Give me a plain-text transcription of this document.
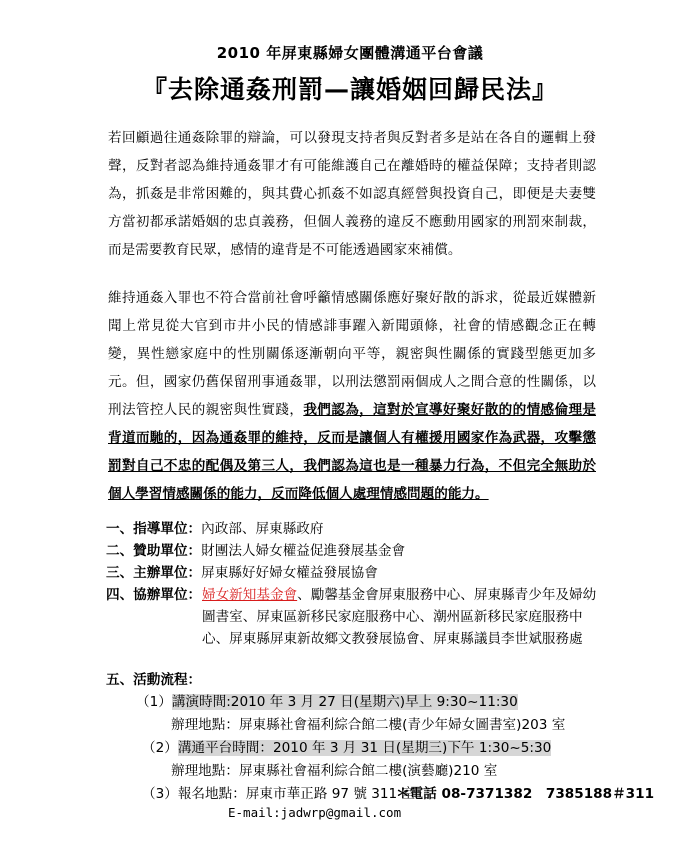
2010 年屏東縣婦女團體溝通平台會議
『去除通姦刑罰—讓婚姻回歸民法』
若回顧過往通姦除罪的辯論，可以發現支持者與反對者多是站在各自的邏輯上發聲，反對者認為維持通姦罪才有可能維護自己在離婚時的權益保障；支持者則認為，抓姦是非常困難的，與其費心抓姦不如認真經營與投資自己，即便是夫妻雙方當初都承諾婚姻的忠貞義務，但個人義務的違反不應動用國家的刑罰來制裁，而是需要教育民眾，感情的違背是不可能透過國家來補償。
維持通姦入罪也不符合當前社會呼籲情感關係應好聚好散的訴求，從最近媒體新聞上常見從大官到市井小民的情感誹事躍入新聞頭條，社會的情感觀念正在轉變，異性戀家庭中的性別關係逐漸朝向平等，親密與性關係的實踐型態更加多元。但，國家仍舊保留刑事通姦罪，以刑法懲罰兩個成人之間合意的性關係，以刑法管控人民的親密與性實踐，我們認為，這對於宣導好聚好散的的情感倫理是背道而馳的，因為通姦罪的維持，反而是讓個人有權援用國家作為武器，攻擊懲罰對自己不忠的配偶及第三人，我們認為這也是一種暴力行為，不但完全無助於個人學習情感關係的能力，反而降低個人處理情感問題的能力。
一、指導單位：內政部、屏東縣政府
二、贊助單位：財團法人婦女權益促進發展基金會
三、主辦單位：屏東縣好好婦女權益發展協會
四、協辦單位： 婦女新知基金會、勵馨基金會屏東服務中心、屏東縣青少年及婦幼圖書室、屏東區新移民家庭服務中心、潮州區新移民家庭服務中心、屏東縣屏東新故鄉文教發展協會、屏東縣議員李世斌服務處
五、活動流程：
（1）講演時間:2010 年 3 月 27 日(星期六)早上 9:30~11:30
辦理地點：屏東縣社會福利綜合館二樓(青少年婦女圖書室)203 室
（2）溝通平台時間：2010 年 3 月 31 日(星期三)下午 1:30~5:30
辦理地點：屏東縣社會福利綜合館二樓(演藝廳)210 室
（3）報名地點：屏東市華正路 97 號 311 室
＊電話 08-7371382　7385188＃311
E-mail:jadwrp@gmail.com
